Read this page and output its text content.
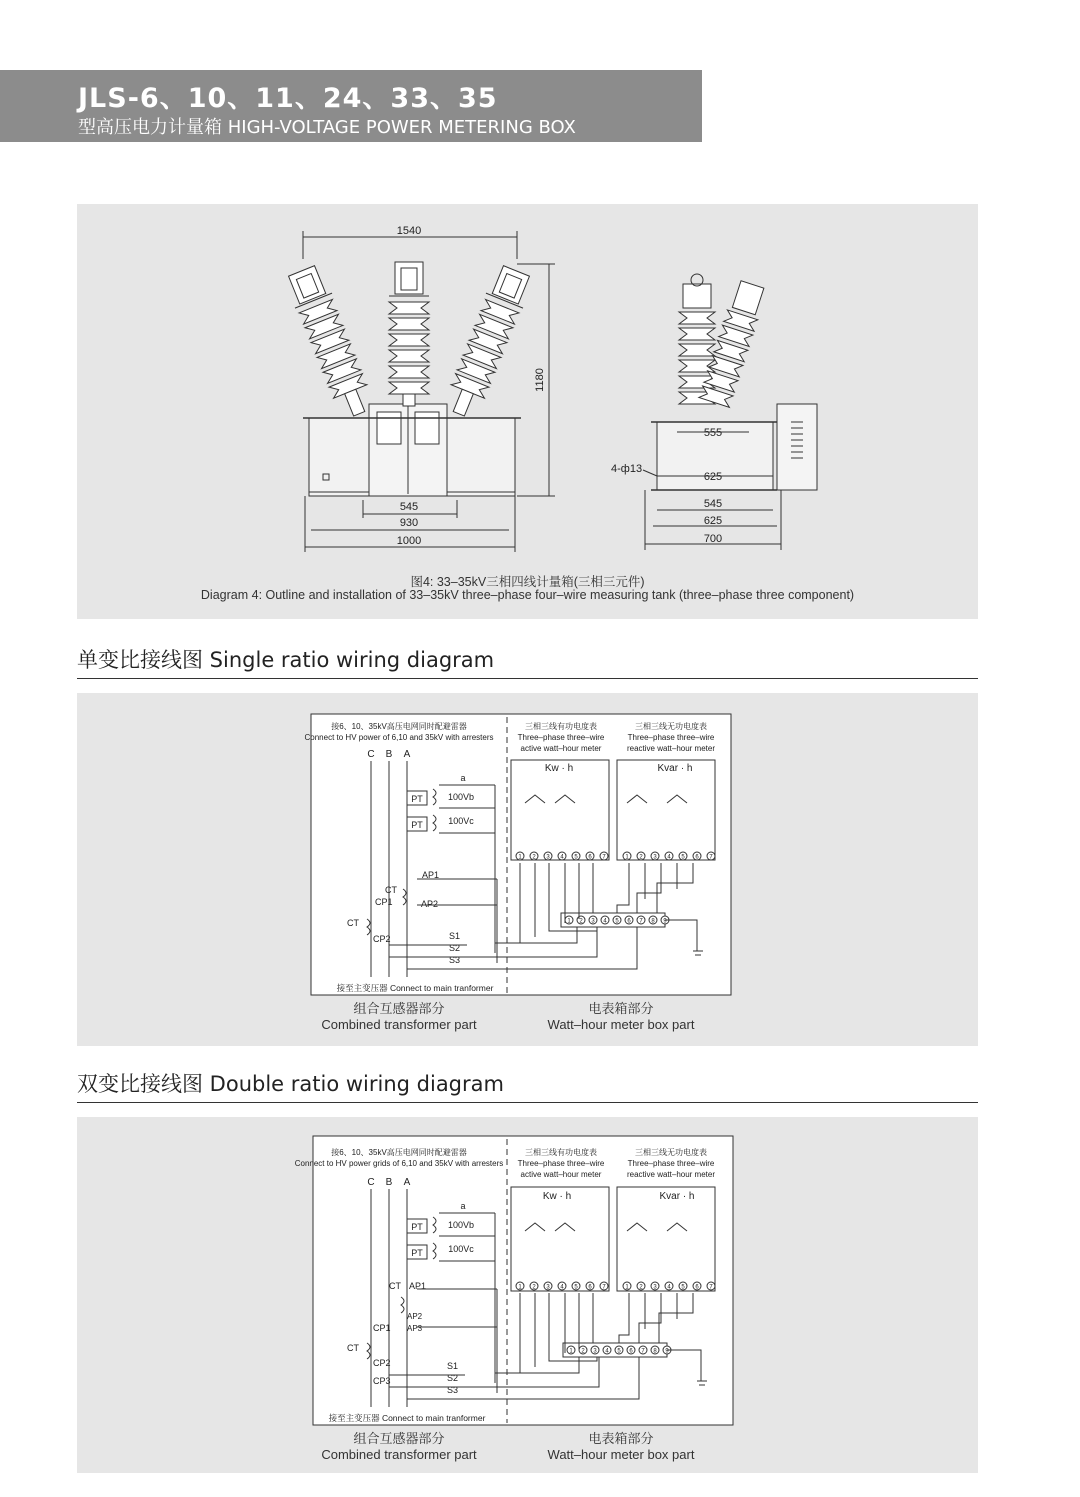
JLS-6、10、11、24、33、35
型高压电力计量箱 HIGH-VOLTAGE POWER METERING BOX
1540
1180
545
930
1000
555
625
4-ф13
545
625
700
图4: 33–35kV三相四线计量箱(三相三元件)
Diagram 4: Outline and installation of 33–35kV three–phase four–wire measuring tank (three–phase three component)
单变比接线图 Single ratio wiring diagram
接6、10、35kV高压电网同时配避雷器
Connect to HV power of 6,10 and 35kV with arresters
三相三线有功电度表
Three–phase three–wire
active watt–hour meter
三相三线无功电度表
Three–phase three–wire
reactive watt–hour meter
C B A
PT
PT
a
100Vb
100Vc
AP1
CT
CP1	AP2
CT
CP2	S1
S2
S3
接至主变压器 Connect to main tranformer
Kw · h	Kvar · h
1 2 3 4 5 6 7	1 2 3 4 5 6 7
1 2 3 4 5 6 7 8 9
组合互感器部分
Combined transformer part
电表箱部分
Watt–hour meter box part
双变比接线图 Double ratio wiring diagram
接6、10、35kV高压电网同时配避雷器
Connect to HV power grids of 6,10 and 35kV with arresters
三相三线有功电度表
Three–phase three–wire
active watt–hour meter
三相三线无功电度表
Three–phase three–wire
reactive watt–hour meter
C B A
PT
PT
a
100Vb
100Vc
CT AP1
AP2
AP3
CP1
CT
CP2
CP3
S1
S2
S3
接至主变压器 Connect to main tranformer
Kw · h	Kvar · h
1 2 3 4 5 6 7	1 2 3 4 5 6 7
1 2 3 4 5 6 7 8 9
组合互感器部分
Combined transformer part
电表箱部分
Watt–hour meter box part
